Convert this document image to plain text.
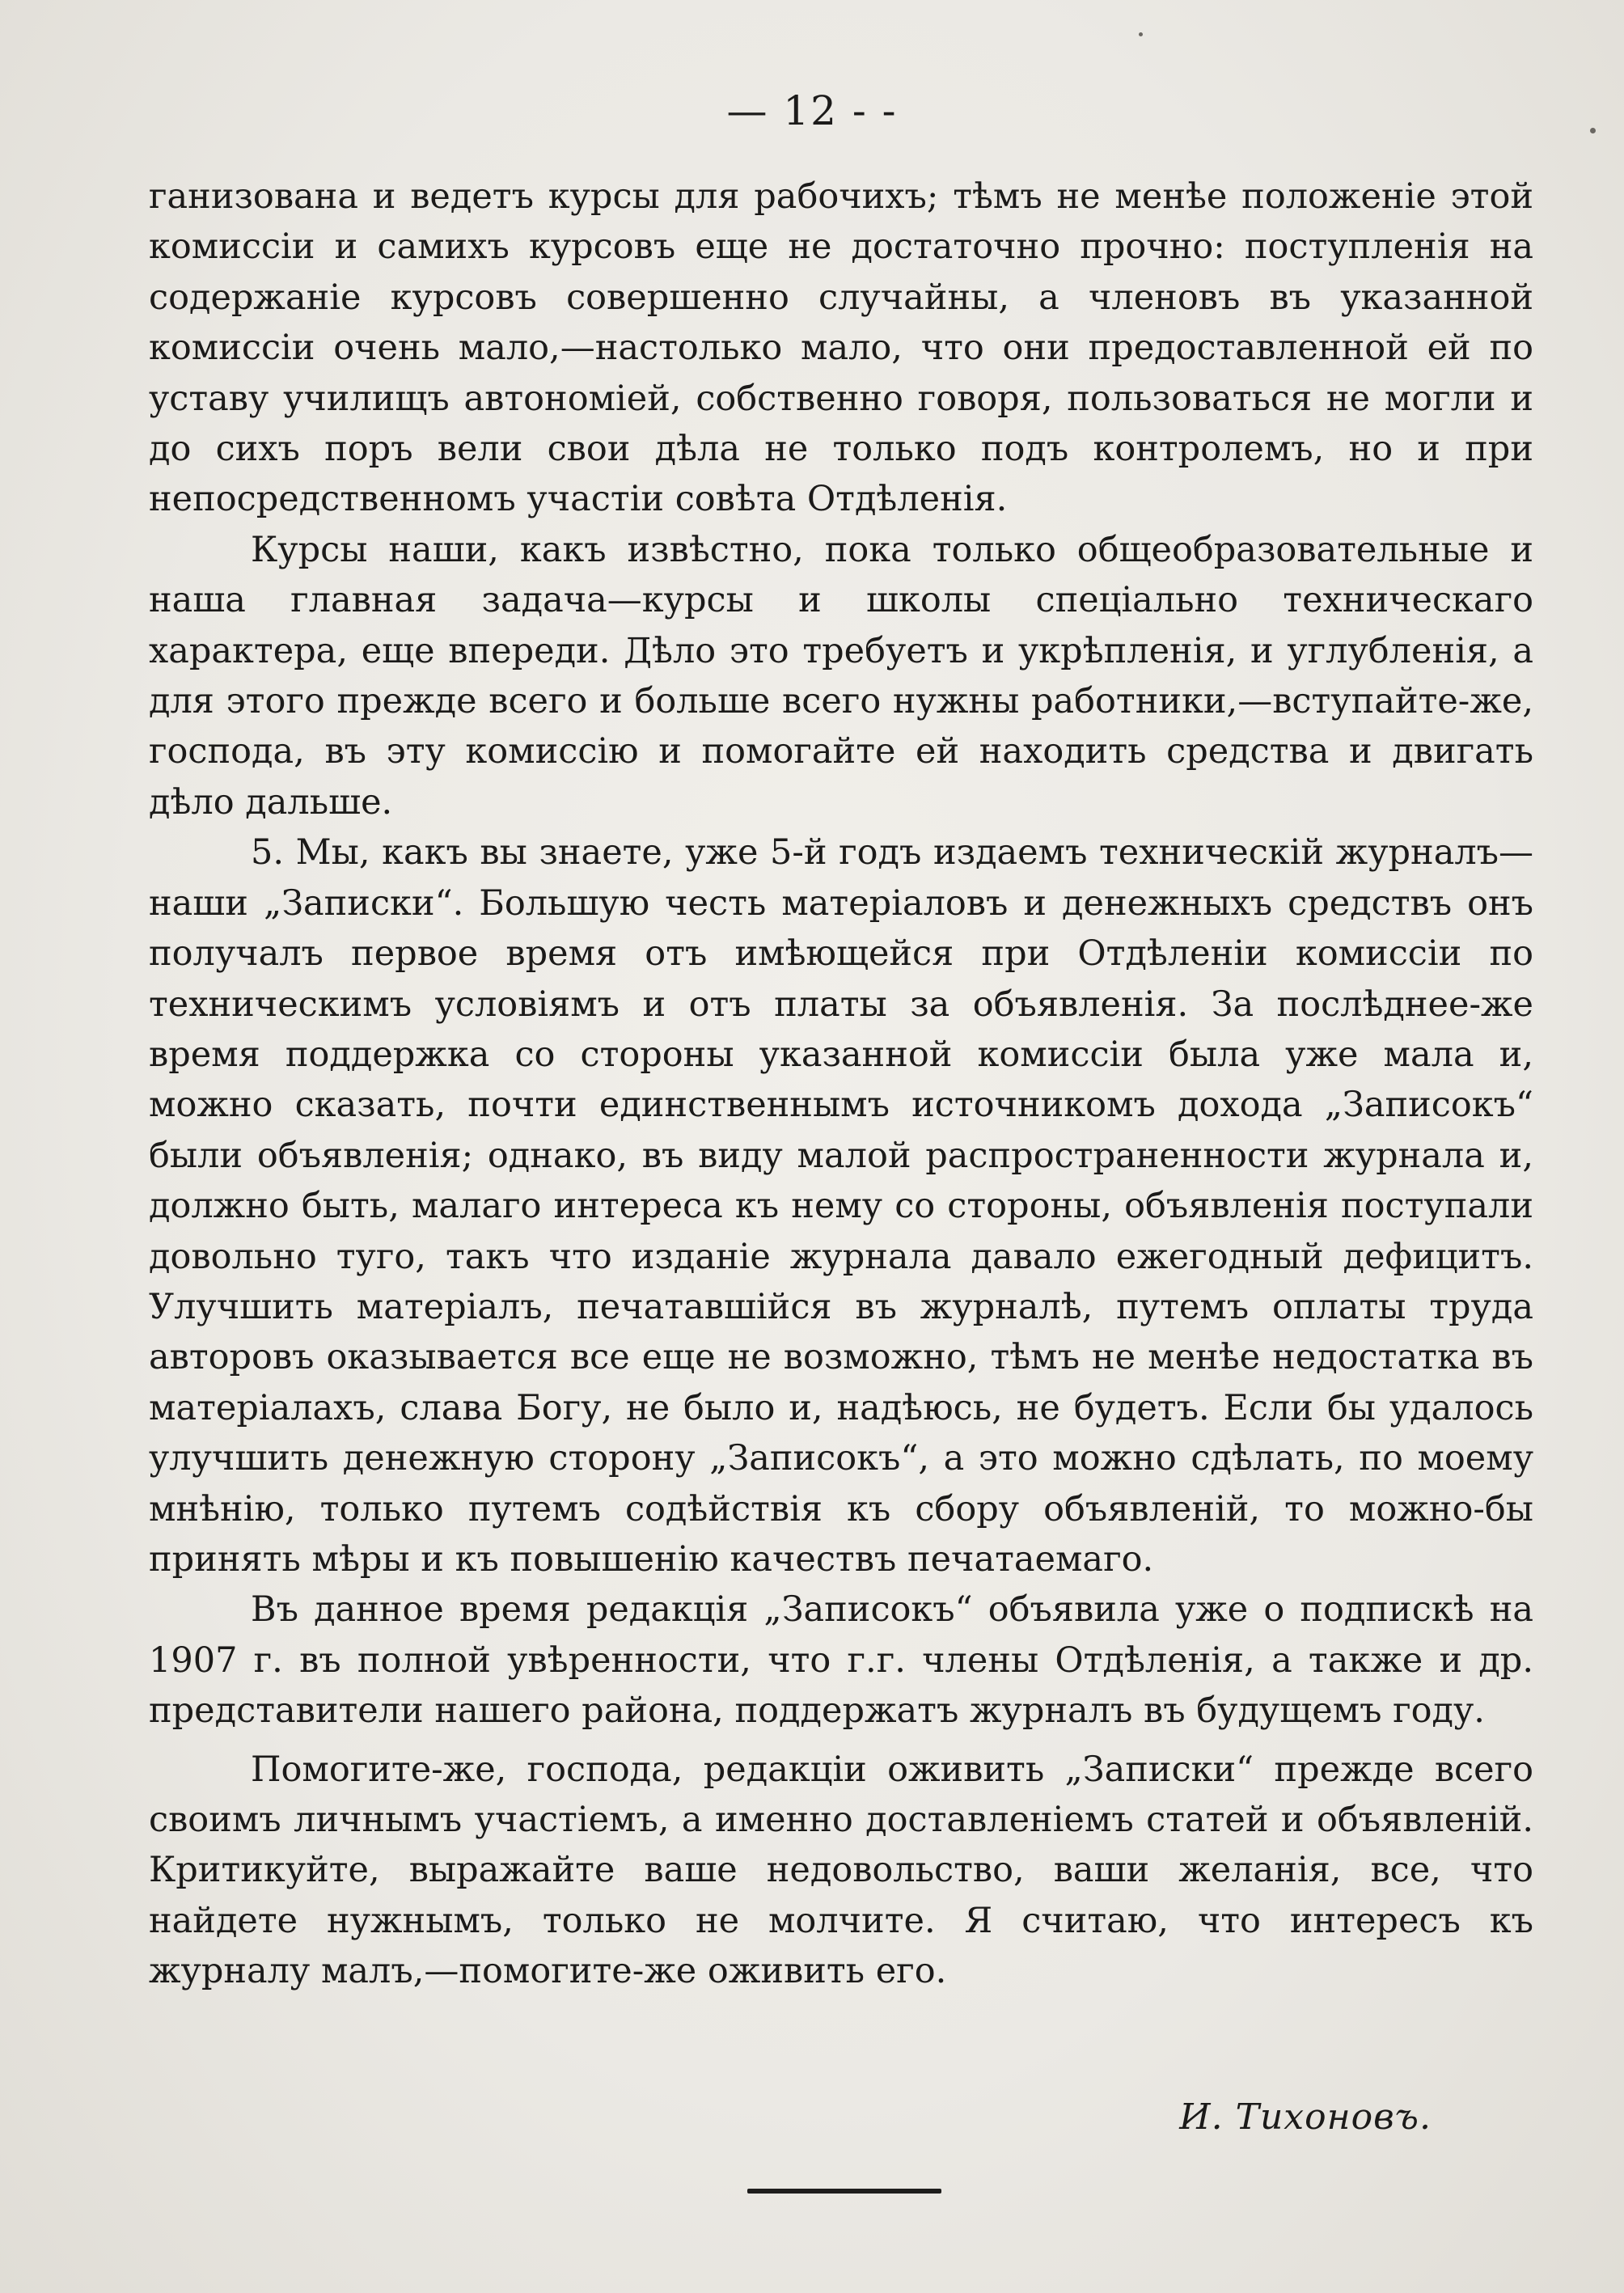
— 12 - -

ганизована и ведетъ курсы для рабочихъ; тѣмъ не менѣе положеніе этой комиссіи и самихъ курсовъ еще не достаточно прочно: поступленія на содержаніе курсовъ совершенно случайны, а членовъ въ указанной комиссіи очень мало,—настолько мало, что они предоставленной ей по уставу училищъ автономіей, собственно говоря, пользоваться не могли и до сихъ поръ вели свои дѣла не только подъ контролемъ, но и при непосредственномъ участіи совѣта Отдѣленія.

Курсы наши, какъ извѣстно, пока только общеобразовательные и наша главная задача—курсы и школы спеціально техническаго характера, еще впереди. Дѣло это требуетъ и укрѣпленія, и углубленія, а для этого прежде всего и больше всего нужны работники,—вступайте-же, господа, въ эту комиссію и помогайте ей находить средства и двигать дѣло дальше.

5. Мы, какъ вы знаете, уже 5-й годъ издаемъ техническій журналъ—наши „Записки“. Большую честь матеріаловъ и денежныхъ средствъ онъ получалъ первое время отъ имѣющейся при Отдѣленіи комиссіи по техническимъ условіямъ и отъ платы за объявленія. За послѣднее-же время поддержка со стороны указанной комиссіи была уже мала и, можно сказать, почти единственнымъ источникомъ дохода „Записокъ“ были объявленія; однако, въ виду малой распространенности журнала и, должно быть, малаго интереса къ нему со стороны, объявленія поступали довольно туго, такъ что изданіе журнала давало ежегодный дефицитъ. Улучшить матеріалъ, печатавшійся въ журналѣ, путемъ оплаты труда авторовъ оказывается все еще не возможно, тѣмъ не менѣе недостатка въ матеріалахъ, слава Богу, не было и, надѣюсь, не будетъ. Если бы удалось улучшить денежную сторону „Записокъ“, а это можно сдѣлать, по моему мнѣнію, только путемъ содѣйствія къ сбору объявленій, то можно-бы принять мѣры и къ повышенію качествъ печатаемаго.

Въ данное время редакція „Записокъ“ объявила уже о подпискѣ на 1907 г. въ полной увѣренности, что г.г. члены Отдѣленія, а также и др. представители нашего района, поддержатъ журналъ въ будущемъ году.

Помогите-же, господа, редакціи оживить „Записки“ прежде всего своимъ личнымъ участіемъ, а именно доставленіемъ статей и объявленій. Критикуйте, выражайте ваше недовольство, ваши желанія, все, что найдете нужнымъ, только не молчите. Я считаю, что интересъ къ журналу малъ,—помогите-же оживить его.

И. Тихоновъ.
